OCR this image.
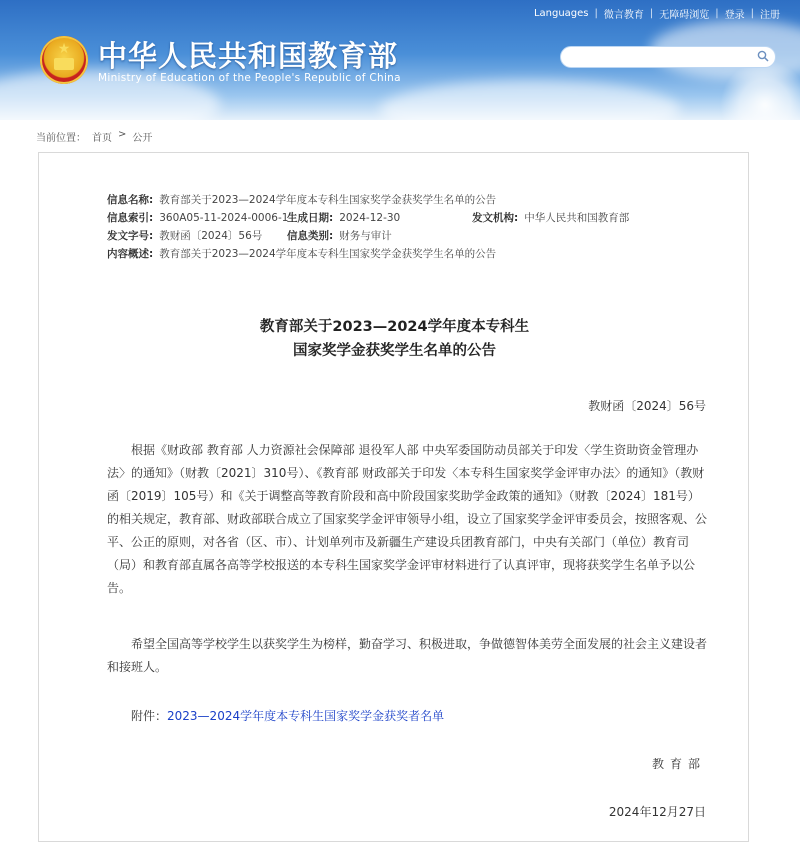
Languages | 微言教育 | 无障碍浏览 | 登录 | 注册
★ 中华人民共和国教育部
Ministry of Education of the People's Republic of China
当前位置： 首页 > 公开
信息名称: 教育部关于2023—2024学年度本专科生国家奖学金获奖学生名单的公告
信息索引: 360A05-11-2024-0006-1
生成日期: 2024-12-30	发文机构: 中华人民共和国教育部
发文字号: 教财函〔2024〕56号 信息类别: 财务与审计
内容概述: 教育部关于2023—2024学年度本专科生国家奖学金获奖学生名单的公告
教育部关于2023—2024学年度本专科生
国家奖学金获奖学生名单的公告
教财函〔2024〕56号

根据《财政部 教育部 人力资源社会保障部 退役军人部 中央军委国防动员部关于印发〈学生资助资金管理办法〉的通知》（财教〔2021〕310号）、《教育部 财政部关于印发〈本专科生国家奖学金评审办法〉的通知》（教财函〔2019〕105号）和《关于调整高等教育阶段和高中阶段国家奖助学金政策的通知》（财教〔2024〕181号）的相关规定，教育部、财政部联合成立了国家奖学金评审领导小组，设立了国家奖学金评审委员会，按照客观、公平、公正的原则，对各省（区、市）、计划单列市及新疆生产建设兵团教育部门，中央有关部门（单位）教育司（局）和教育部直属各高等学校报送的本专科生国家奖学金评审材料进行了认真评审，现将获奖学生名单予以公告。

希望全国高等学校学生以获奖学生为榜样，勤奋学习、积极进取，争做德智体美劳全面发展的社会主义建设者和接班人。

附件：2023—2024学年度本专科生国家奖学金获奖者名单
教育部
2024年12月27日
